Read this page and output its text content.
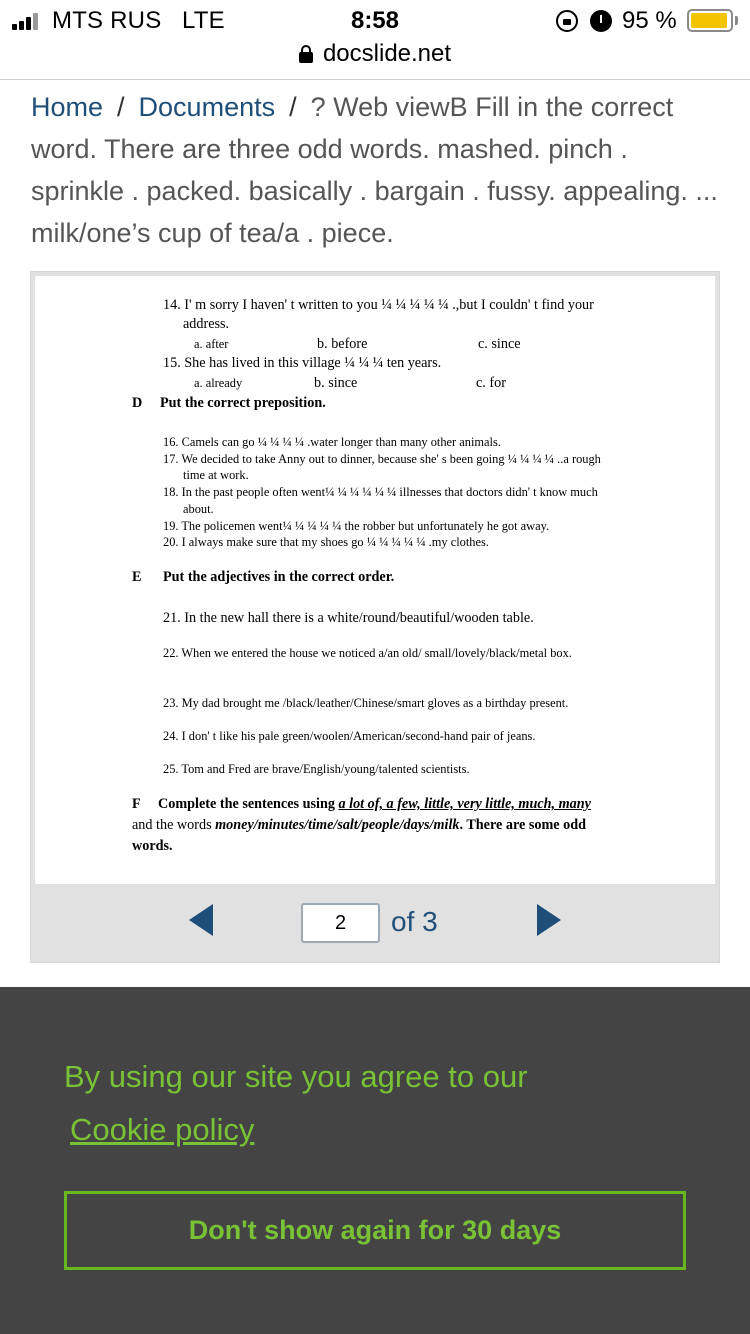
MTS RUS LTE	8:58	95 %
docslide.net
Home / Documents / ? Web viewB Fill in the correct word. There are three odd words. mashed. pinch . sprinkle . packed. basically . bargain . fussy. appealing. ... milk/one’s cup of tea/a . piece.
14. I' m sorry I haven' t written to you ¼ ¼ ¼ ¼ ¼ .,but I couldn' t find your
address.
a. after	b. before	c. since
15. She has lived in this village ¼ ¼ ¼ ten years.
a. already	b. since	c. for
D Put the correct preposition.
16. Camels can go ¼ ¼ ¼ ¼ .water longer than many other animals.
17. We decided to take Anny out to dinner, because she' s been going ¼ ¼ ¼ ¼ ..a rough
time at work.
18. In the past people often went¼ ¼ ¼ ¼ ¼ ¼ illnesses that doctors didn' t know much
about.
19. The policemen went¼ ¼ ¼ ¼ ¼ the robber but unfortunately he got away.
20. I always make sure that my shoes go ¼ ¼ ¼ ¼ ¼ .my clothes.
E Put the adjectives in the correct order.
21. In the new hall there is a white/round/beautiful/wooden table.
22. When we entered the house we noticed a/an old/ small/lovely/black/metal box.
23. My dad brought me /black/leather/Chinese/smart gloves as a birthday present.
24. I don' t like his pale green/woolen/American/second-hand pair of jeans.
25. Tom and Fred are brave/English/young/talented scientists.
F Complete the sentences using a lot of, a few, little, very little, much, many
and the words money/minutes/time/salt/people/days/milk. There are some odd
words.
2
of 3
By using our site you agree to our
Cookie policy
Don't show again for 30 days
